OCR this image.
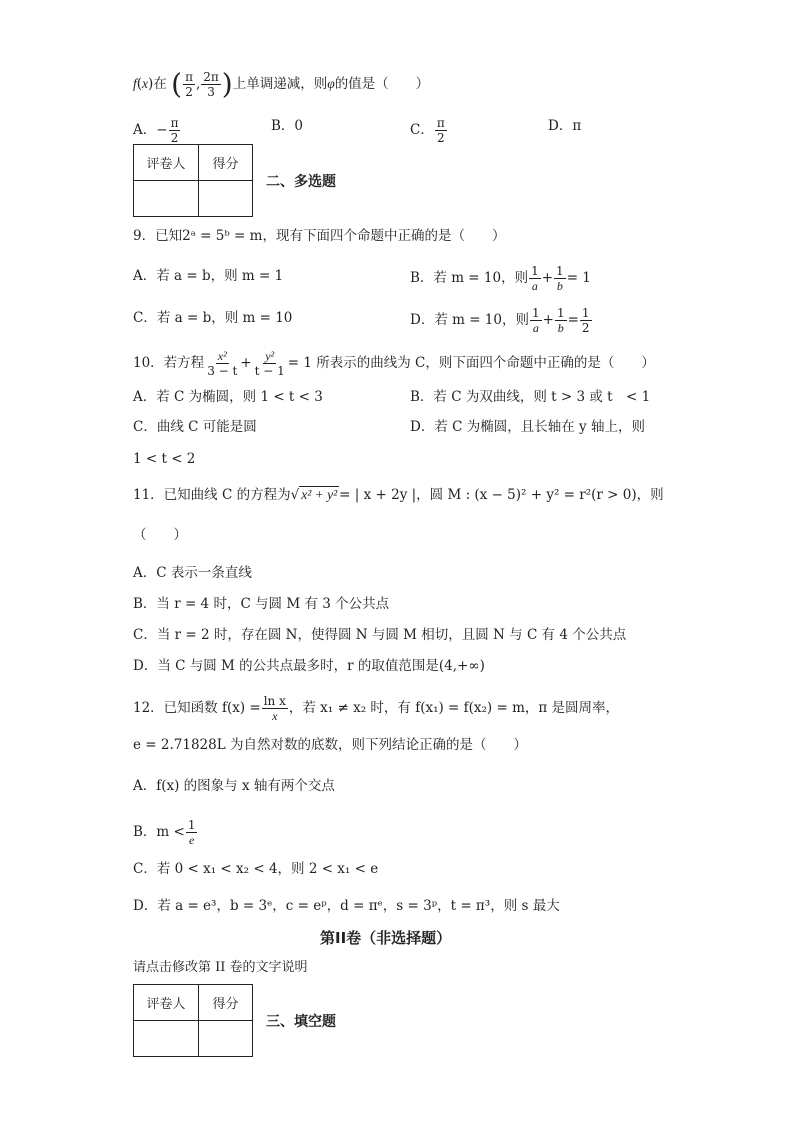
f(x)在 ( $\frac{\pi}{2}$ , $\frac{2\pi}{3}$ )上单调递减，则φ的值是（　　）
A．− $\frac{\pi}{2}$	B．0	C． $\frac{\pi}{2}$	D．π
评卷人	得分

二、多选题
9．已知2ᵃ = 5ᵇ = m，现有下面四个命题中正确的是（　　）
A．若 a = b，则 m = 1	B．若 m = 10，则 $\frac{1}{a} + \frac{1}{b} = 1$
C．若 a = b，则 m = 10	D．若 m = 10，则 $\frac{1}{a} + \frac{1}{b} = \frac{1}{2}$
10．若方程 $\frac{\text{x²}}{3 - t} + \frac{\text{y²}}{t - 1} = 1$ 所表示的曲线为 C，则下面四个命题中正确的是（　　）
A．若 C 为椭圆，则 1 < t < 3	B．若 C 为双曲线，则 t > 3 或 t　< 1
C．曲线 C 可能是圆	D．若 C 为椭圆，且长轴在 y 轴上，则
1 < t < 2
11．已知曲线 C 的方程为√ x² + y² = | x + 2y |，圆 M : (x − 5)² + y² = r²(r > 0)，则
（　　）
A．C 表示一条直线
B．当 r = 4 时，C 与圆 M 有 3 个公共点
C．当 r = 2 时，存在圆 N，使得圆 N 与圆 M 相切，且圆 N 与 C 有 4 个公共点
D．当 C 与圆 M 的公共点最多时，r 的取值范围是(4,+∞)
12．已知函数 $f(x) = \frac{\text{ln x}}{x}$ ，若 x₁ ≠ x₂ 时，有 f(x₁) = f(x₂) = m，π 是圆周率，
e = 2.71828L 为自然对数的底数，则下列结论正确的是（　　）
A．f(x) 的图象与 x 轴有两个交点
B．$m < \frac{1}{e}$
C．若 0 < x₁ < x₂ < 4，则 2 < x₁ < e
D．若 a = e³，b = 3ᵉ，c = eᵖ，d = πᵉ，s = 3ᵖ，t = π³，则 s 最大
第II卷（非选择题）
请点击修改第 II 卷的文字说明
评卷人	得分

三、填空题
